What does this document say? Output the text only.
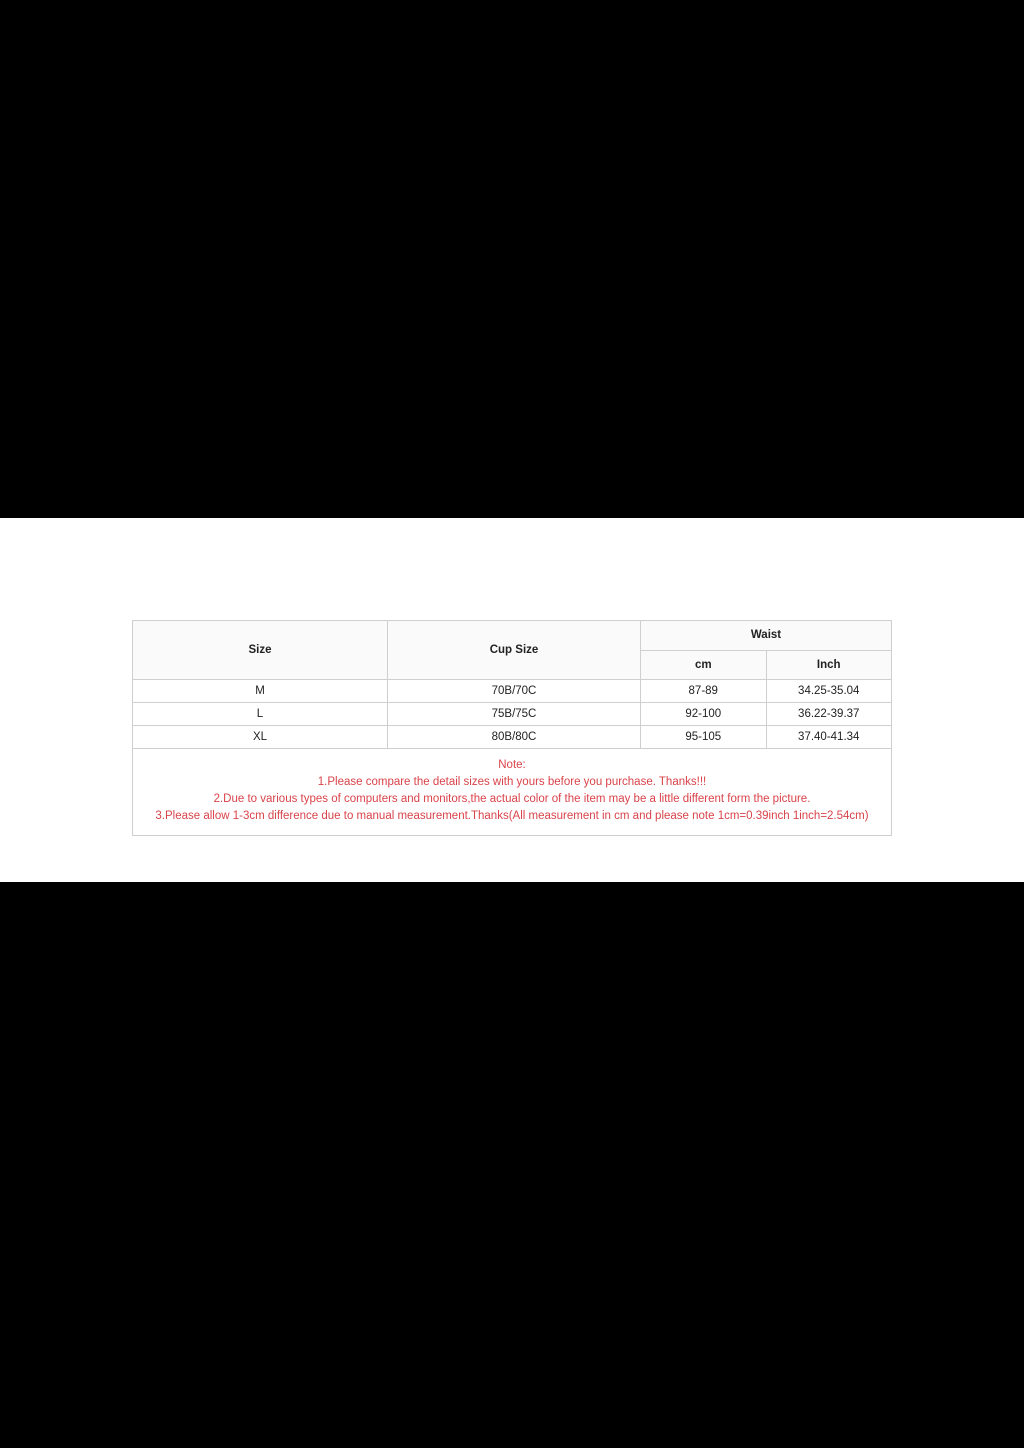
Size	Cup Size	Waist	
		cm	Inch
M	70B/70C	87-89	34.25-35.04
L	75B/75C	92-100	36.22-39.37
XL	80B/80C	95-105	37.40-41.34
Note:
1.Please compare the detail sizes with yours before you purchase. Thanks!!!
2.Due to various types of computers and monitors,the actual color of the item may be a little different form the picture.
3.Please allow 1-3cm difference due to manual measurement.Thanks(All measurement in cm and please note 1cm=0.39inch 1inch=2.54cm)
